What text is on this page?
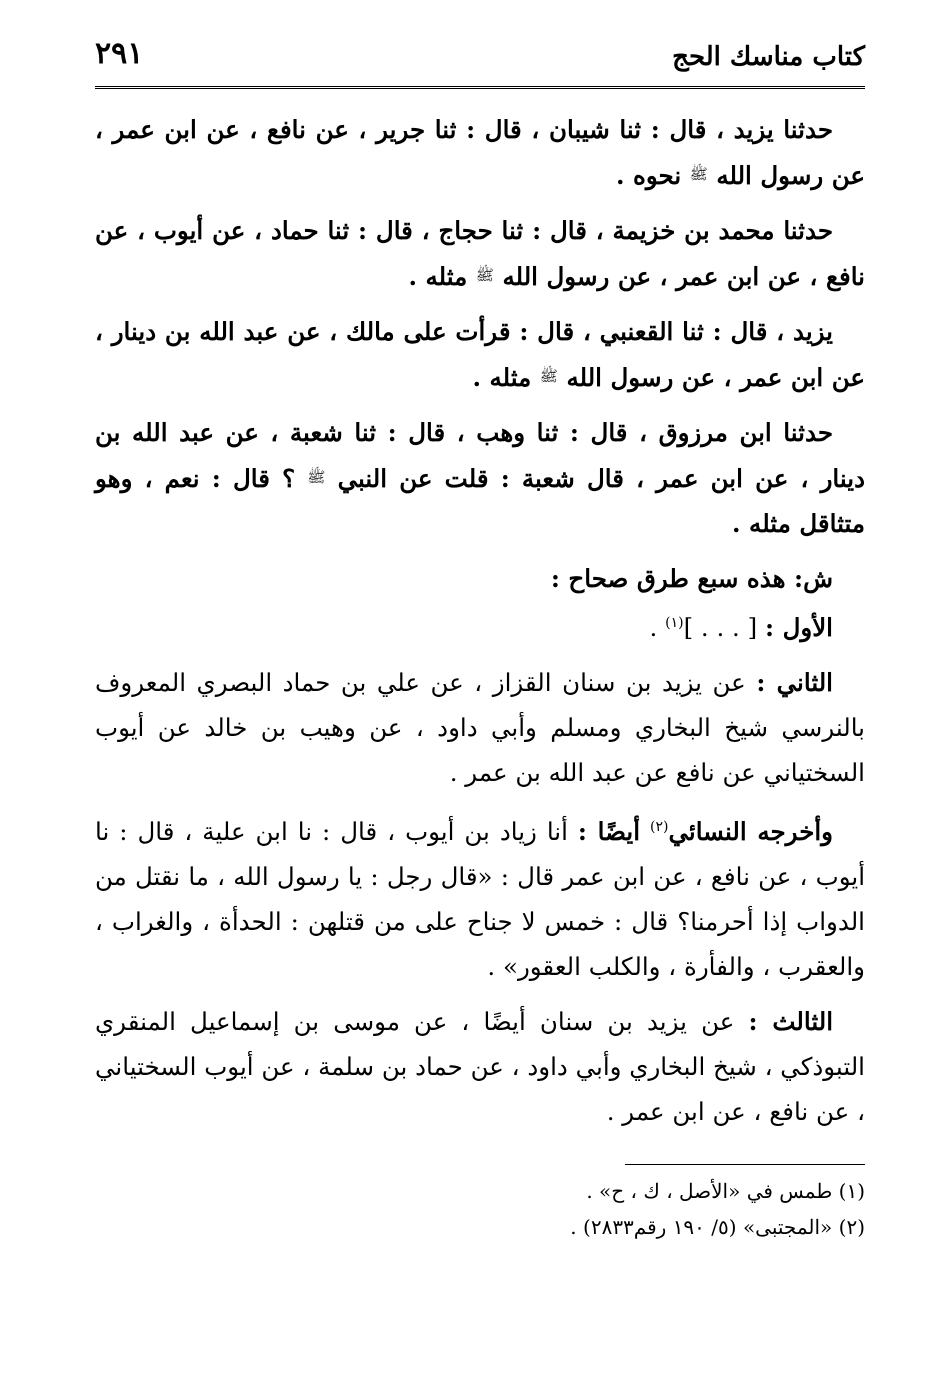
كتاب مناسك الحج
٢٩١

حدثنا يزيد ، قال : ثنا شيبان ، قال : ثنا جرير ، عن نافع ، عن ابن عمر ، عن رسول الله $^ﷺ$ نحوه .

حدثنا محمد بن خزيمة ، قال : ثنا حجاج ، قال : ثنا حماد ، عن أيوب ، عن نافع ، عن ابن عمر ، عن رسول الله $^ﷺ$ مثله .

يزيد ، قال : ثنا القعنبي ، قال : قرأت على مالك ، عن عبد الله بن دينار ، عن ابن عمر ، عن رسول الله $^ﷺ$ مثله .

حدثنا ابن مرزوق ، قال : ثنا وهب ، قال : ثنا شعبة ، عن عبد الله بن دينار ، عن ابن عمر ، قال شعبة : قلت عن النبي $^ﷺ$ ؟ قال : نعم ، وهو متثاقل مثله .

ش: هذه سبع طرق صحاح :

الأول : [ . . . ]$^{(١)}$ .

الثاني : عن يزيد بن سنان القزاز ، عن علي بن حماد البصري المعروف بالنرسي شيخ البخاري ومسلم وأبي داود ، عن وهيب بن خالد عن أيوب السختياني عن نافع عن عبد الله بن عمر .

وأخرجه النسائي$^{(٢)}$ أيضًا : أنا زياد بن أيوب ، قال : نا ابن علية ، قال : نا أيوب ، عن نافع ، عن ابن عمر قال : «قال رجل : يا رسول الله ، ما نقتل من الدواب إذا أحرمنا؟ قال : خمس لا جناح على من قتلهن : الحدأة ، والغراب ، والعقرب ، والفأرة ، والكلب العقور» .

الثالث : عن يزيد بن سنان أيضًا ، عن موسى بن إسماعيل المنقري التبوذكي ، شيخ البخاري وأبي داود ، عن حماد بن سلمة ، عن أيوب السختياني ، عن نافع ، عن ابن عمر .

(١) طمس في «الأصل ، ك ، ح» .

(٢) «المجتبى» (٥/ ١٩٠ رقم٢٨٣٣) .
